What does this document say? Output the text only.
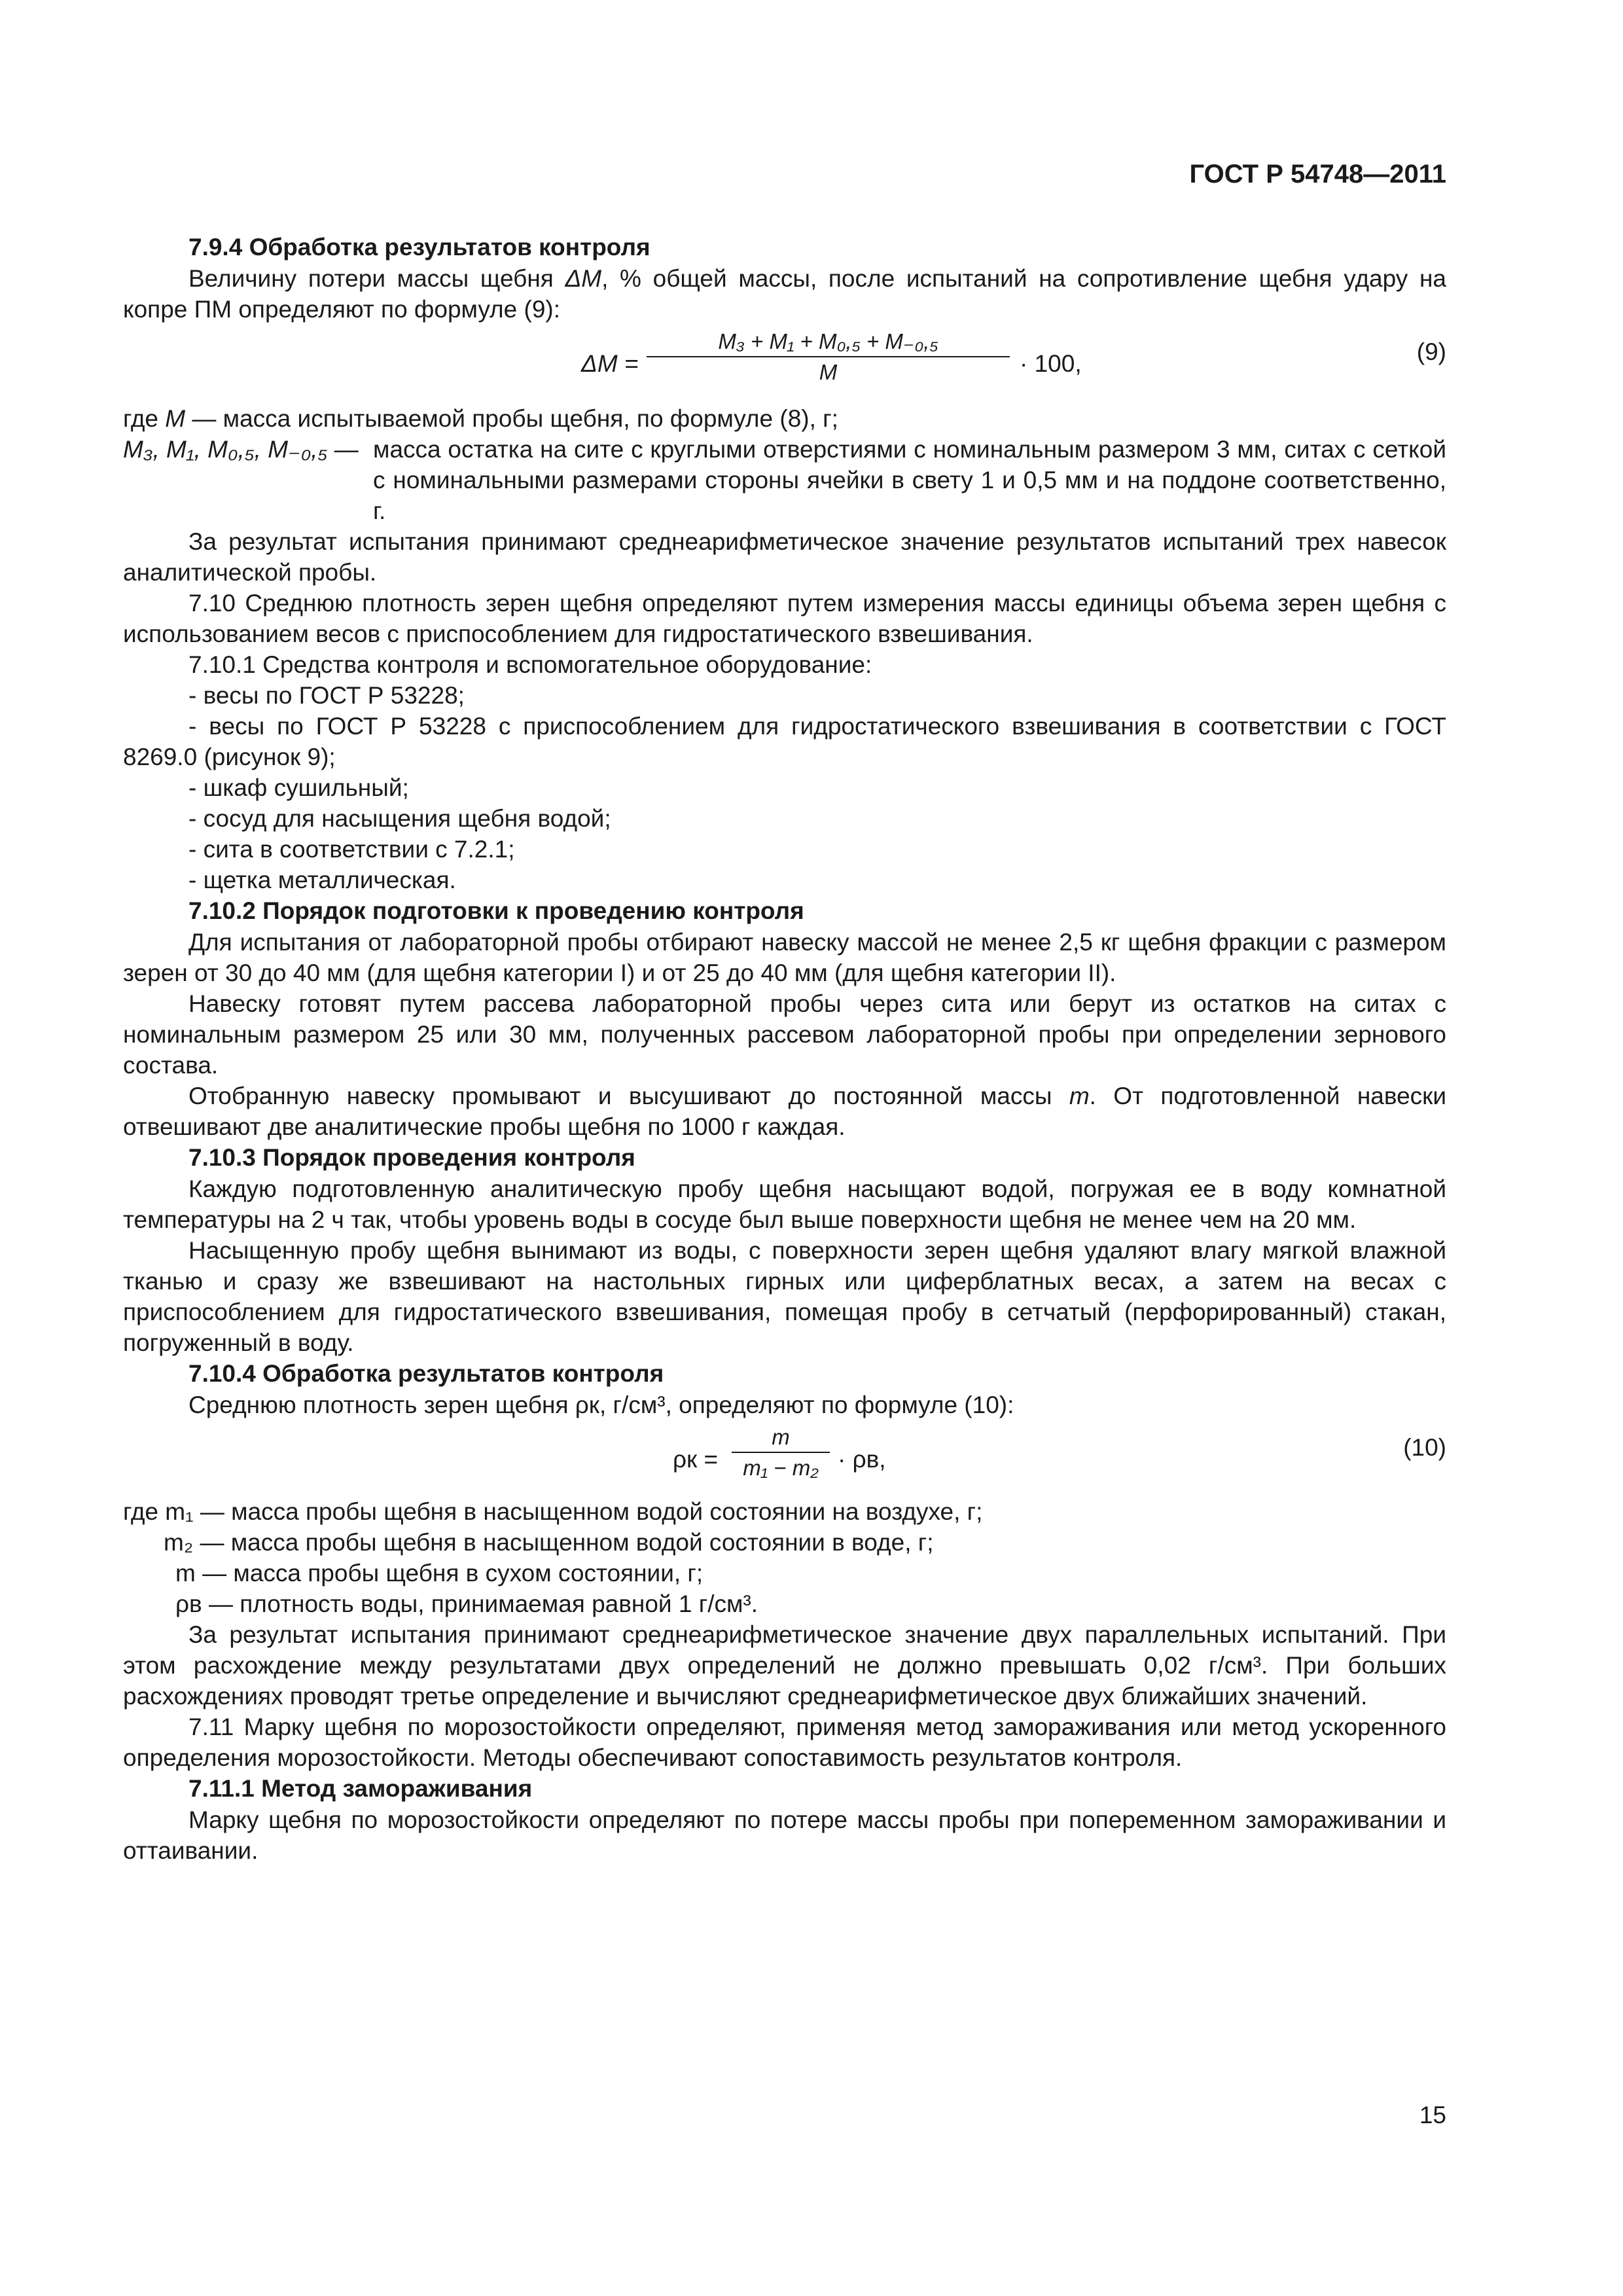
ГОСТ Р 54748—2011
7.9.4 Обработка результатов контроля

Величину потери массы щебня ΔM, % общей массы, после испытаний на сопротивление щебня удару на копре ПМ определяют по формуле (9):

$\Delta M = \frac{\text{M₃ + M₁ + M₀,₅ + M₋₀,₅}}{M} \cdot 100$,	(9)

где M — масса испытываемой пробы щебня, по формуле (8), г;

M₃, M₁, M₀,₅, M₋₀,₅ — масса остатка на сите с круглыми отверстиями с номинальным размером 3 мм, ситах с сеткой с номинальными размерами стороны ячейки в свету 1 и 0,5 мм и на поддоне соответственно, г.

За результат испытания принимают среднеарифметическое значение результатов испытаний трех навесок аналитической пробы.

7.10 Среднюю плотность зерен щебня определяют путем измерения массы единицы объема зерен щебня с использованием весов с приспособлением для гидростатического взвешивания.

7.10.1 Средства контроля и вспомогательное оборудование:

- весы по ГОСТ Р 53228;

- весы по ГОСТ Р 53228 с приспособлением для гидростатического взвешивания в соответствии с ГОСТ 8269.0 (рисунок 9);

- шкаф сушильный;

- сосуд для насыщения щебня водой;

- сита в соответствии с 7.2.1;

- щетка металлическая.

7.10.2 Порядок подготовки к проведению контроля

Для испытания от лабораторной пробы отбирают навеску массой не менее 2,5 кг щебня фракции с размером зерен от 30 до 40 мм (для щебня категории I) и от 25 до 40 мм (для щебня категории II).

Навеску готовят путем рассева лабораторной пробы через сита или берут из остатков на ситах с номинальным размером 25 или 30 мм, полученных рассевом лабораторной пробы при определении зернового состава.

Отобранную навеску промывают и высушивают до постоянной массы m. От подготовленной навески отвешивают две аналитические пробы щебня по 1000 г каждая.

7.10.3 Порядок проведения контроля

Каждую подготовленную аналитическую пробу щебня насыщают водой, погружая ее в воду комнатной температуры на 2 ч так, чтобы уровень воды в сосуде был выше поверхности щебня не менее чем на 20 мм.

Насыщенную пробу щебня вынимают из воды, с поверхности зерен щебня удаляют влагу мягкой влажной тканью и сразу же взвешивают на настольных гирных или циферблатных весах, а затем на весах с приспособлением для гидростатического взвешивания, помещая пробу в сетчатый (перфорированный) стакан, погруженный в воду.

7.10.4 Обработка результатов контроля

Среднюю плотность зерен щебня ρк, г/см³, определяют по формуле (10):

$\rho к = \frac{m}{\text{m₁ − m₂}} \cdot \rho в$,	(10)

где m₁ — масса пробы щебня в насыщенном водой состоянии на воздухе, г;

m₂ — масса пробы щебня в насыщенном водой состоянии в воде, г;

m — масса пробы щебня в сухом состоянии, г;

ρв — плотность воды, принимаемая равной 1 г/см³.

За результат испытания принимают среднеарифметическое значение двух параллельных испытаний. При этом расхождение между результатами двух определений не должно превышать 0,02 г/см³. При больших расхождениях проводят третье определение и вычисляют среднеарифметическое двух ближайших значений.

7.11 Марку щебня по морозостойкости определяют, применяя метод замораживания или метод ускоренного определения морозостойкости. Методы обеспечивают сопоставимость результатов контроля.

7.11.1 Метод замораживания

Марку щебня по морозостойкости определяют по потере массы пробы при попеременном замораживании и оттаивании.

15
